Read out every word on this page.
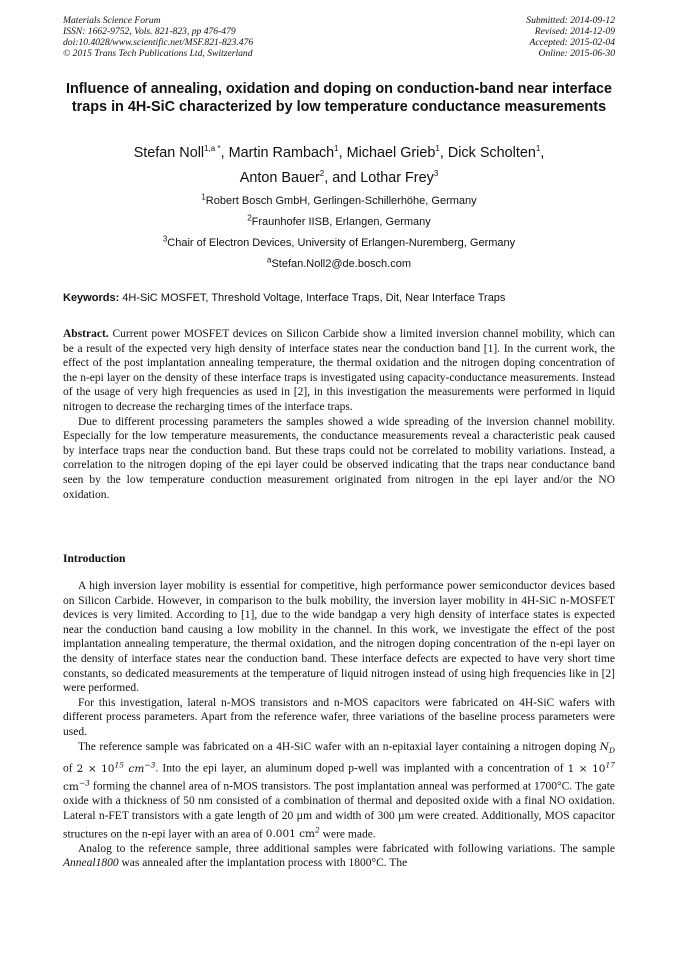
Materials Science Forum
ISSN: 1662-9752, Vols. 821-823, pp 476-479
doi:10.4028/www.scientific.net/MSF.821-823.476
© 2015 Trans Tech Publications Ltd, Switzerland
Submitted: 2014-09-12
Revised: 2014-12-09
Accepted: 2015-02-04
Online: 2015-06-30
Influence of annealing, oxidation and doping on conduction-band near interface traps in 4H-SiC characterized by low temperature conductance measurements
Stefan Noll$^{1,a *}$, Martin Rambach$^1$, Michael Grieb$^1$, Dick Scholten$^1$,
Anton Bauer$^2$, and Lothar Frey$^3$
$^1$Robert Bosch GmbH, Gerlingen-Schillerhöhe, Germany
$^2$Fraunhofer IISB, Erlangen, Germany
$^3$Chair of Electron Devices, University of Erlangen-Nuremberg, Germany
$^a$Stefan.Noll2@de.bosch.com
Keywords: 4H-SiC MOSFET, Threshold Voltage, Interface Traps, Dit, Near Interface Traps

Abstract. Current power MOSFET devices on Silicon Carbide show a limited inversion channel mobility, which can be a result of the expected very high density of interface states near the conduction band [1]. In the current work, the effect of the post implantation annealing temperature, the thermal oxidation and the nitrogen doping concentration of the n-epi layer on the density of these interface traps is investigated using capacity-conductance measurements. Instead of the usage of very high frequencies as used in [2], in this investigation the measurements were performed in liquid nitrogen to decrease the recharging times of the interface traps.

Due to different processing parameters the samples showed a wide spreading of the inversion channel mobility. Especially for the low temperature measurements, the conductance measurements reveal a characteristic peak caused by interface traps near the conduction band. But these traps could not be correlated to mobility variations. Instead, a correlation to the nitrogen doping of the epi layer could be observed indicating that the traps near conductance band seen by the low temperature conduction measurement originated from nitrogen in the epi layer and/or the NO oxidation.

Introduction

A high inversion layer mobility is essential for competitive, high performance power semiconductor devices based on Silicon Carbide. However, in comparison to the bulk mobility, the inversion layer mobility in 4H-SiC n-MOSFET devices is very limited. According to [1], due to the wide bandgap a very high density of interface states is expected near the conduction band causing a low mobility in the channel. In this work, we investigate the effect of the post implantation annealing temperature, the thermal oxidation, and the nitrogen doping concentration of the n-epi layer on the density of interface states near the conduction band. These interface defects are expected to have very short time constants, so dedicated measurements at the temperature of liquid nitrogen instead of using high frequencies like in [2] were performed.

For this investigation, lateral n-MOS transistors and n-MOS capacitors were fabricated on 4H-SiC wafers with different process parameters. Apart from the reference wafer, three variations of the baseline process parameters were used.

The reference sample was fabricated on a 4H-SiC wafer with an n-epitaxial layer containing a nitrogen doping $N_D$ of $2 \times 10^{15}$ $cm^{-3}$. Into the epi layer, an aluminum doped p-well was implanted with a concentration of $1 \times 10^{17}$ $cm^{-3}$ forming the channel area of n-MOS transistors. The post implantation anneal was performed at 1700°C. The gate oxide with a thickness of 50 nm consisted of a combination of thermal and deposited oxide with a final NO oxidation. Lateral n-FET transistors with a gate length of 20 µm and width of 300 µm were created. Additionally, MOS capacitor structures on the n-epi layer with an area of 0.001 $cm^2$ were made.

Analog to the reference sample, three additional samples were fabricated with following variations. The sample Anneal1800 was annealed after the implantation process with 1800°C. The
